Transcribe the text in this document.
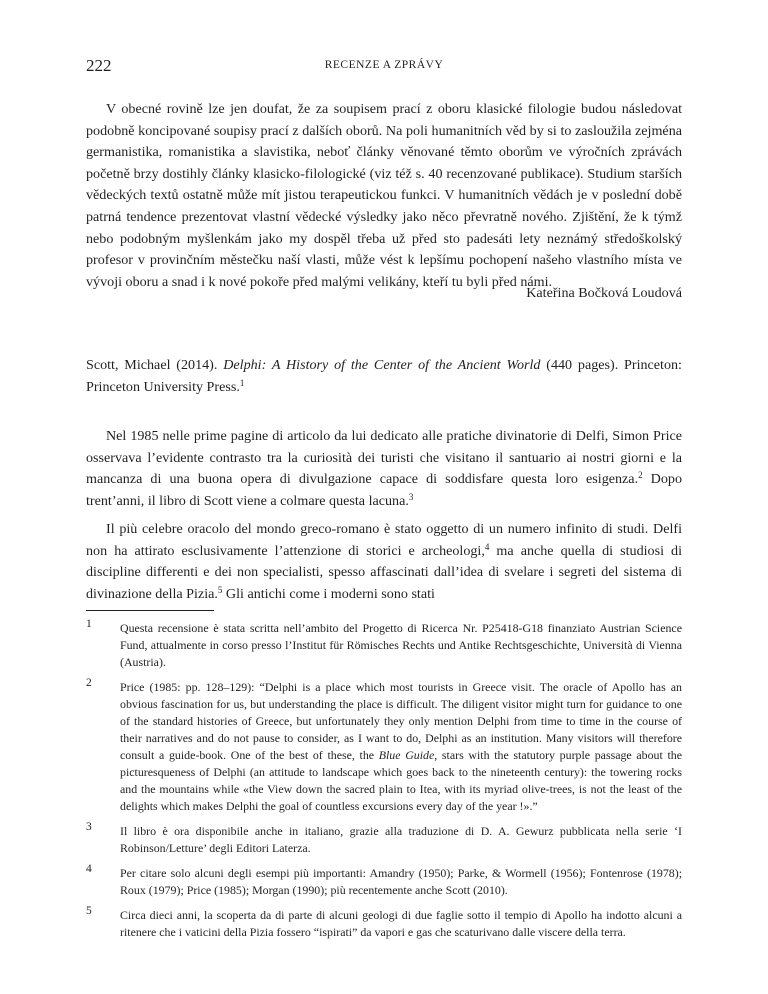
222	RECENZE A ZPRÁVY

V obecné rovině lze jen doufat, že za soupisem prací z oboru klasické filologie budou následovat podobně koncipované soupisy prací z dalších oborů. Na poli humanitních věd by si to zasloužila zejména germanistika, romanistika a slavistika, neboť články věnované těmto oborům ve výročních zprávách početně brzy dostihly články klasicko-filologické (viz též s. 40 recenzované publikace). Studium starších vědeckých textů ostatně může mít jistou terapeutickou funkci. V humanitních vědách je v poslední době patrná tendence prezentovat vlastní vědecké výsledky jako něco převratně nového. Zjištění, že k týmž nebo podobným myšlenkám jako my dospěl třeba už před sto padesáti lety neznámý středoškolský profesor v provinčním městečku naší vlasti, může vést k lepšímu pochopení našeho vlastního místa ve vývoji oboru a snad i k nové pokoře před malými velikány, kteří tu byli před námi.

Kateřina Bočková Loudová

Scott, Michael (2014). Delphi: A History of the Center of the Ancient World (440 pages). Princeton: Princeton University Press.$^1$

Nel 1985 nelle prime pagine di articolo da lui dedicato alle pratiche divinatorie di Delfi, Simon Price osservava l’evidente contrasto tra la curiosità dei turisti che visitano il santuario ai nostri giorni e la mancanza di una buona opera di divulgazione capace di soddisfare questa loro esigenza.$^2$ Dopo trent’anni, il libro di Scott viene a colmare questa lacuna.$^3$

Il più celebre oracolo del mondo greco-romano è stato oggetto di un numero infinito di studi. Delfi non ha attirato esclusivamente l’attenzione di storici e archeologi,$^4$ ma anche quella di studiosi di discipline differenti e dei non specialisti, spesso affascinati dall’idea di svelare i segreti del sistema di divinazione della Pizia.$^5$ Gli antichi come i moderni sono stati

1 Questa recensione è stata scritta nell’ambito del Progetto di Ricerca Nr. P25418-G18 finanziato Austrian Science Fund, attualmente in corso presso l’Institut für Römisches Rechts und Antike Rechtsgeschichte, Università di Vienna (Austria).
2 Price (1985: pp. 128–129): “Delphi is a place which most tourists in Greece visit. The oracle of Apollo has an obvious fascination for us, but understanding the place is difficult. The diligent visitor might turn for guidance to one of the standard histories of Greece, but unfortunately they only mention Delphi from time to time in the course of their narratives and do not pause to consider, as I want to do, Delphi as an institution. Many visitors will therefore consult a guide-book. One of the best of these, the Blue Guide, stars with the statutory purple passage about the picturesqueness of Delphi (an attitude to landscape which goes back to the nineteenth century): the towering rocks and the mountains while «the View down the sacred plain to Itea, with its myriad olive-trees, is not the least of the delights which makes Delphi the goal of countless excursions every day of the year !».”
3 Il libro è ora disponibile anche in italiano, grazie alla traduzione di D. A. Gewurz pubblicata nella serie ‘I Robinson/Letture’ degli Editori Laterza.
4 Per citare solo alcuni degli esempi più importanti: Amandry (1950); Parke, & Wormell (1956); Fontenrose (1978); Roux (1979); Price (1985); Morgan (1990); più recentemente anche Scott (2010).
5 Circa dieci anni, la scoperta da di parte di alcuni geologi di due faglie sotto il tempio di Apollo ha indotto alcuni a ritenere che i vaticini della Pizia fossero “ispirati” da vapori e gas che scaturivano dalle viscere della terra.
